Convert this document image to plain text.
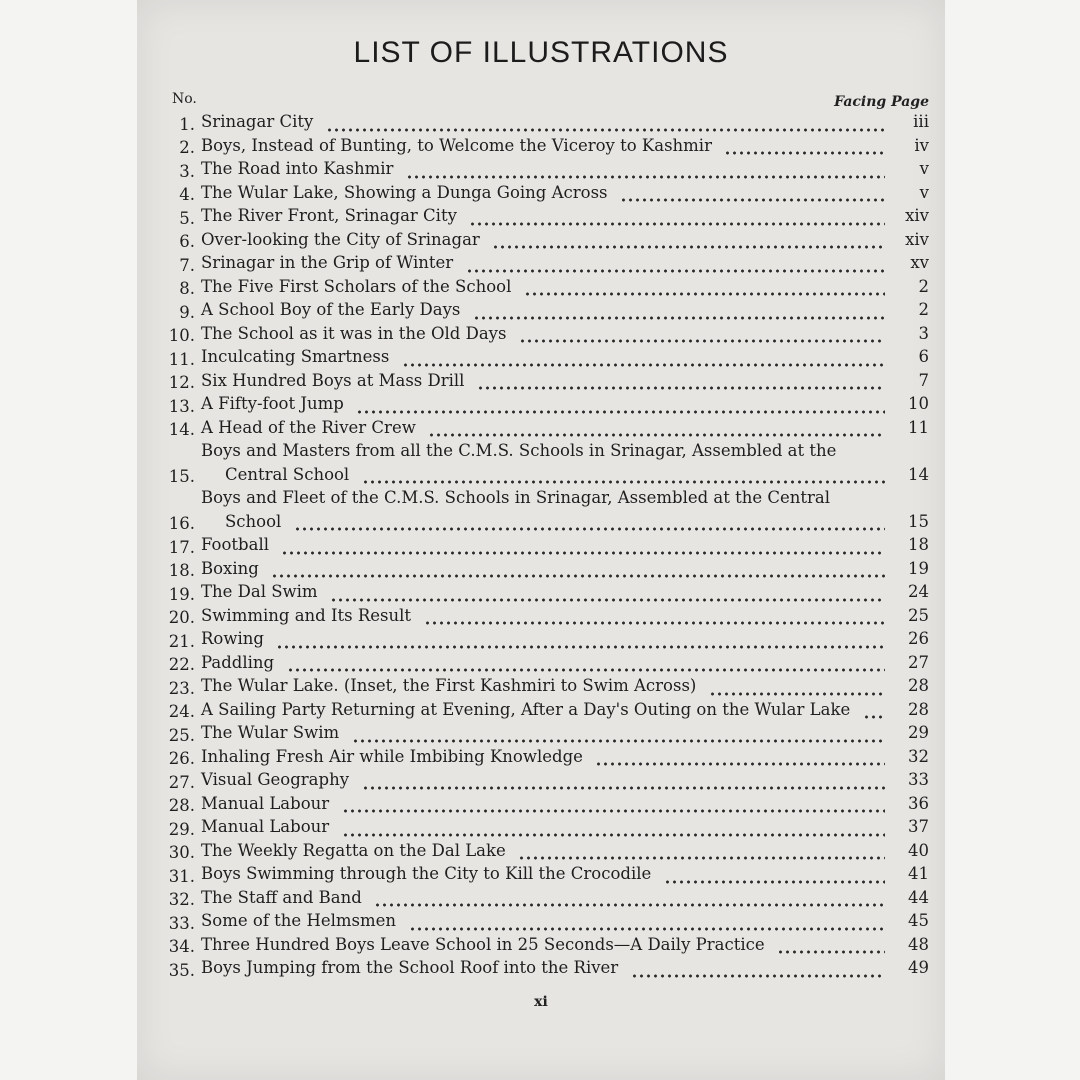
LIST OF ILLUSTRATIONS
No.	Facing Page
1. Srinagar City	iii
2. Boys, Instead of Bunting, to Welcome the Viceroy to Kashmir	iv
3. The Road into Kashmir	v
4. The Wular Lake, Showing a Dunga Going Across	v
5. The River Front, Srinagar City	xiv
6. Over-looking the City of Srinagar	xiv
7. Srinagar in the Grip of Winter	xv
8. The Five First Scholars of the School	2
9. A School Boy of the Early Days	2
10. The School as it was in the Old Days	3
11. Inculcating Smartness	6
12. Six Hundred Boys at Mass Drill	7
13. A Fifty-foot Jump	10
14. A Head of the River Crew	11
15.
Boys and Masters from all the C.M.S. Schools in Srinagar, Assembled at the
Central School	14
16.
Boys and Fleet of the C.M.S. Schools in Srinagar, Assembled at the Central
School	15
17. Football	18
18. Boxing	19
19. The Dal Swim	24
20. Swimming and Its Result	25
21. Rowing	26
22. Paddling	27
23. The Wular Lake. (Inset, the First Kashmiri to Swim Across)	28
24. A Sailing Party Returning at Evening, After a Day's Outing on the Wular Lake	28
25. The Wular Swim	29
26. Inhaling Fresh Air while Imbibing Knowledge	32
27. Visual Geography	33
28. Manual Labour	36
29. Manual Labour	37
30. The Weekly Regatta on the Dal Lake	40
31. Boys Swimming through the City to Kill the Crocodile	41
32. The Staff and Band	44
33. Some of the Helmsmen	45
34. Three Hundred Boys Leave School in 25 Seconds—A Daily Practice	48
35. Boys Jumping from the School Roof into the River	49
xi
